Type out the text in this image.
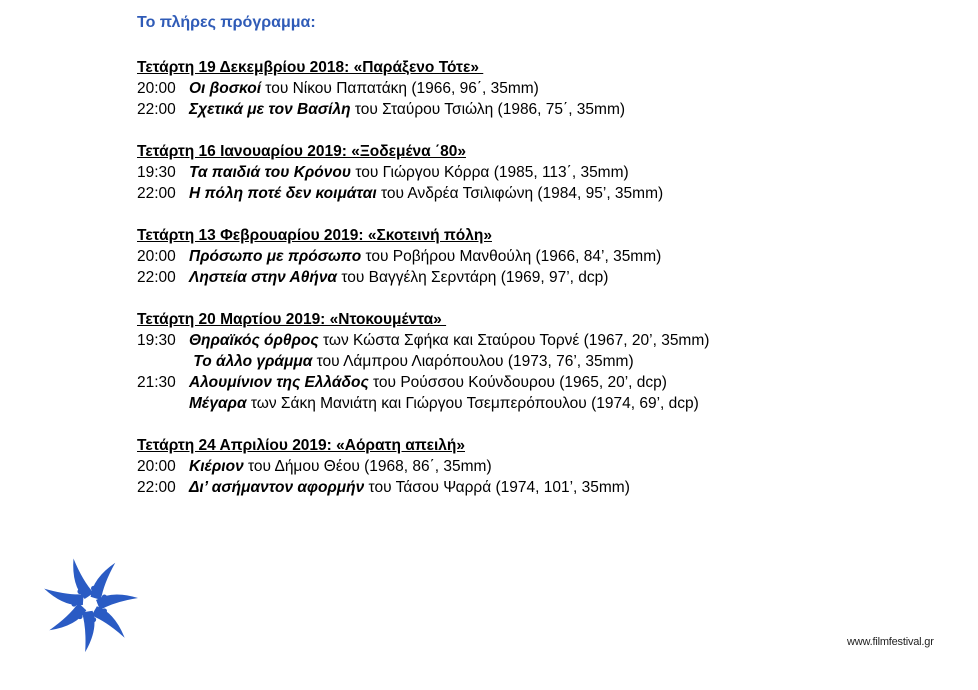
Το πλήρες πρόγραμμα:
Τετάρτη 19 Δεκεμβρίου 2018: «Παράξενο Τότε»
20:00 Οι βοσκοί του Νίκου Παπατάκη (1966, 96΄, 35mm)
22:00 Σχετικά με τον Βασίλη του Σταύρου Τσιώλη (1986, 75΄, 35mm)
Τετάρτη 16 Ιανουαρίου 2019: «Ξοδεμένα ΄80»
19:30 Τα παιδιά του Κρόνου του Γιώργου Κόρρα (1985, 113΄, 35mm)
22:00 Η πόλη ποτέ δεν κοιμάται του Ανδρέα Τσιλιφώνη (1984, 95’, 35mm)
Τετάρτη 13 Φεβρουαρίου 2019: «Σκοτεινή πόλη»
20:00 Πρόσωπο με πρόσωπο του Ροβήρου Μανθούλη (1966, 84’, 35mm)
22:00 Ληστεία στην Αθήνα του Βαγγέλη Σερντάρη (1969, 97’, dcp)
Τετάρτη 20 Μαρτίου 2019: «Ντοκουμέντα»
19:30 Θηραϊκός όρθρος των Κώστα Σφήκα και Σταύρου Τορνέ (1967, 20’, 35mm)
Το άλλο γράμμα του Λάμπρου Λιαρόπουλου (1973, 76’, 35mm)
21:30 Αλουμίνιον της Ελλάδος του Ρούσσου Κούνδουρου (1965, 20’, dcp)
Μέγαρα των Σάκη Μανιάτη και Γιώργου Τσεμπερόπουλου (1974, 69’, dcp)
Τετάρτη 24 Απριλίου 2019: «Αόρατη απειλή»
20:00 Κιέριον του Δήμου Θέου (1968, 86΄, 35mm)
22:00 Δι’ ασήμαντον αφορμήν του Τάσου Ψαρρά (1974, 101’, 35mm)
www.filmfestival.gr
